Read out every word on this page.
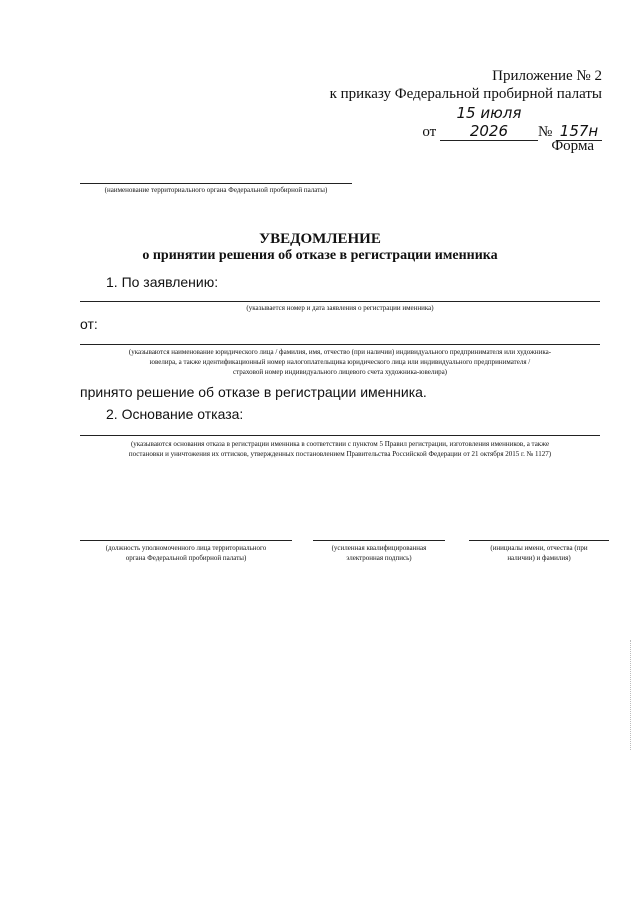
Приложение № 2
к приказу Федеральной пробирной палаты
от 15 июля 2026 № 157н
Форма
(наименование территориального органа Федеральной пробирной палаты)
УВЕДОМЛЕНИЕ
о принятии решения об отказе в регистрации именника
1. По заявлению:
(указывается номер и дата заявления о регистрации именника)
от:
(указываются наименование юридического лица / фамилия, имя, отчество (при наличии) индивидуального предпринимателя или художника-
ювелира, а также идентификационный номер налогоплательщика юридического лица или индивидуального предпринимателя /
страховой номер индивидуального лицевого счета художника-ювелира)
принято решение об отказе в регистрации именника.
2. Основание отказа:
(указываются основания отказа в регистрации именника в соответствии с пунктом 5 Правил регистрации, изготовления именников, а также
постановки и уничтожения их оттисков, утвержденных постановлением Правительства Российской Федерации от 21 октября 2015 г. № 1127)
(должность уполномоченного лица территориального
органа Федеральной пробирной палаты)
(усиленная квалифицированная
электронная подпись)
(инициалы имени, отчества (при
наличии) и фамилия)
